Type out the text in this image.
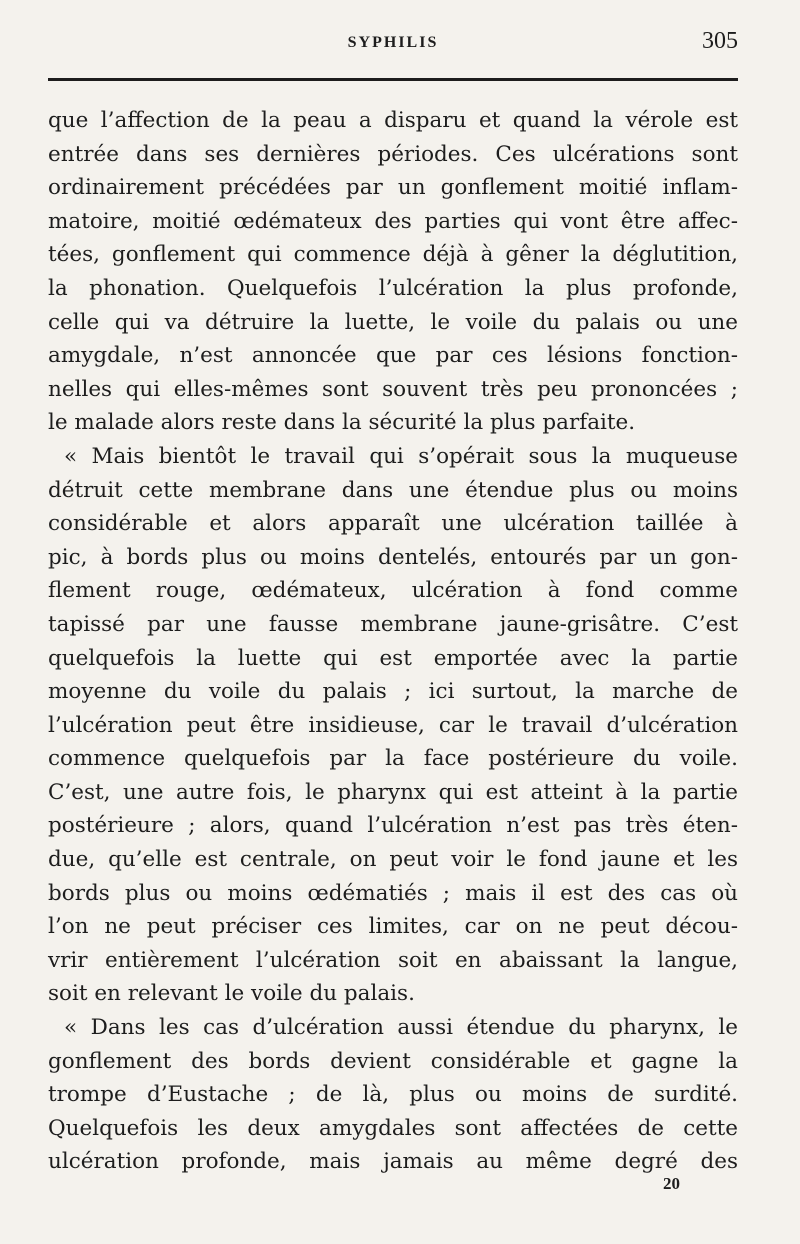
SYPHILIS	305
que l’affection de la peau a disparu et quand la vérole est
entrée dans ses dernières périodes. Ces ulcérations sont
ordinairement précédées par un gonflement moitié inflam-
matoire, moitié œdémateux des parties qui vont être affec-
tées, gonflement qui commence déjà à gêner la déglutition,
la phonation. Quelquefois l’ulcération la plus profonde,
celle qui va détruire la luette, le voile du palais ou une
amygdale, n’est annoncée que par ces lésions fonction-
nelles qui elles-mêmes sont souvent très peu prononcées ;
le malade alors reste dans la sécurité la plus parfaite.
« Mais bientôt le travail qui s’opérait sous la muqueuse
détruit cette membrane dans une étendue plus ou moins
considérable et alors apparaît une ulcération taillée à
pic, à bords plus ou moins dentelés, entourés par un gon-
flement rouge, œdémateux, ulcération à fond comme
tapissé par une fausse membrane jaune-grisâtre. C’est
quelquefois la luette qui est emportée avec la partie
moyenne du voile du palais ; ici surtout, la marche de
l’ulcération peut être insidieuse, car le travail d’ulcération
commence quelquefois par la face postérieure du voile.
C’est, une autre fois, le pharynx qui est atteint à la partie
postérieure ; alors, quand l’ulcération n’est pas très éten-
due, qu’elle est centrale, on peut voir le fond jaune et les
bords plus ou moins œdématiés ; mais il est des cas où
l’on ne peut préciser ces limites, car on ne peut décou-
vrir entièrement l’ulcération soit en abaissant la langue,
soit en relevant le voile du palais.
« Dans les cas d’ulcération aussi étendue du pharynx, le
gonflement des bords devient considérable et gagne la
trompe d’Eustache ; de là, plus ou moins de surdité.
Quelquefois les deux amygdales sont affectées de cette
ulcération profonde, mais jamais au même degré des
20
